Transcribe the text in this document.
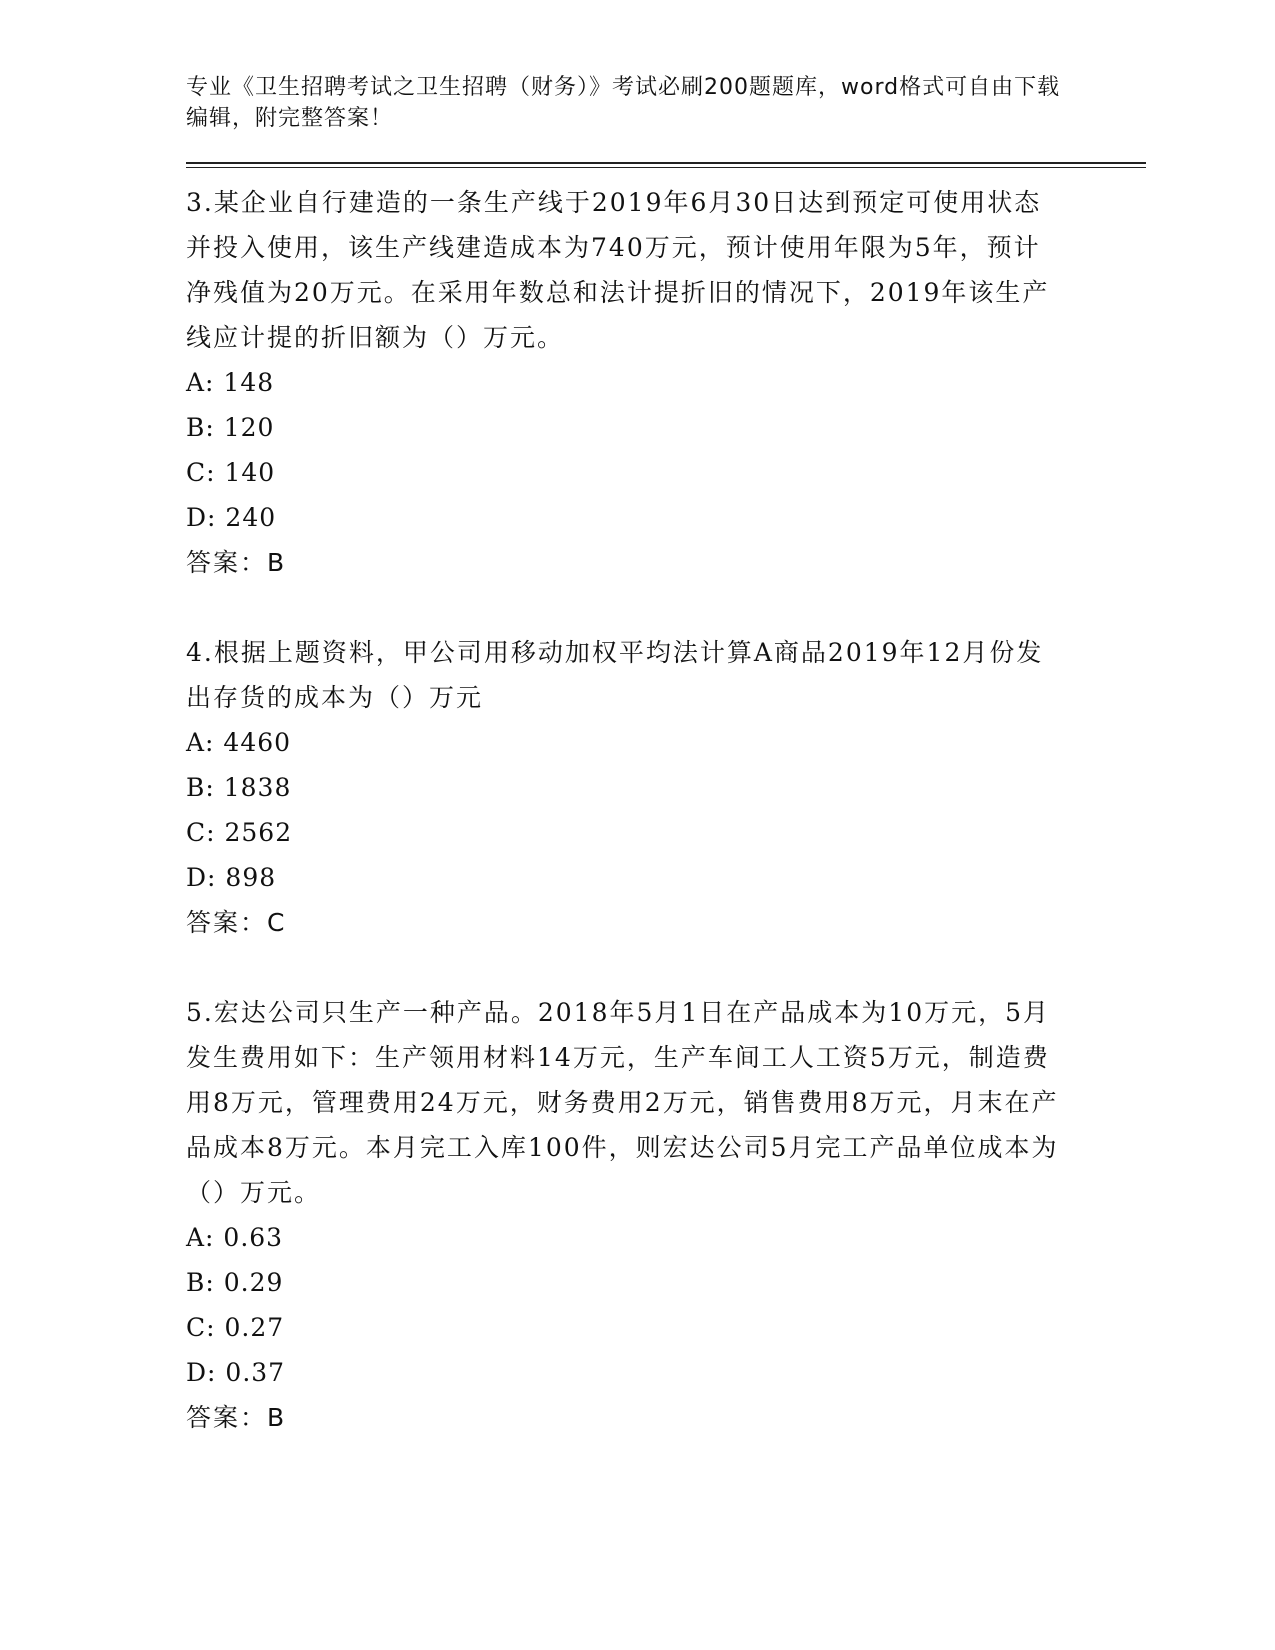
专业《卫生招聘考试之卫生招聘（财务）》考试必刷200题题库，word格式可自由下载编辑，附完整答案！

3.某企业自行建造的一条生产线于2019年6月30日达到预定可使用状态并投入使用，该生产线建造成本为740万元，预计使用年限为5年，预计净残值为20万元。在采用年数总和法计提折旧的情况下，2019年该生产线应计提的折旧额为（）万元。

A: 148

B: 120

C: 140

D: 240

答案：B

4.根据上题资料，甲公司用移动加权平均法计算A商品2019年12月份发出存货的成本为（）万元

A: 4460

B: 1838

C: 2562

D: 898

答案：C

5.宏达公司只生产一种产品。2018年5月1日在产品成本为10万元，5月发生费用如下：生产领用材料14万元，生产车间工人工资5万元，制造费用8万元，管理费用24万元，财务费用2万元，销售费用8万元，月末在产品成本8万元。本月完工入库100件，则宏达公司5月完工产品单位成本为（）万元。

A: 0.63

B: 0.29

C: 0.27

D: 0.37

答案：B
